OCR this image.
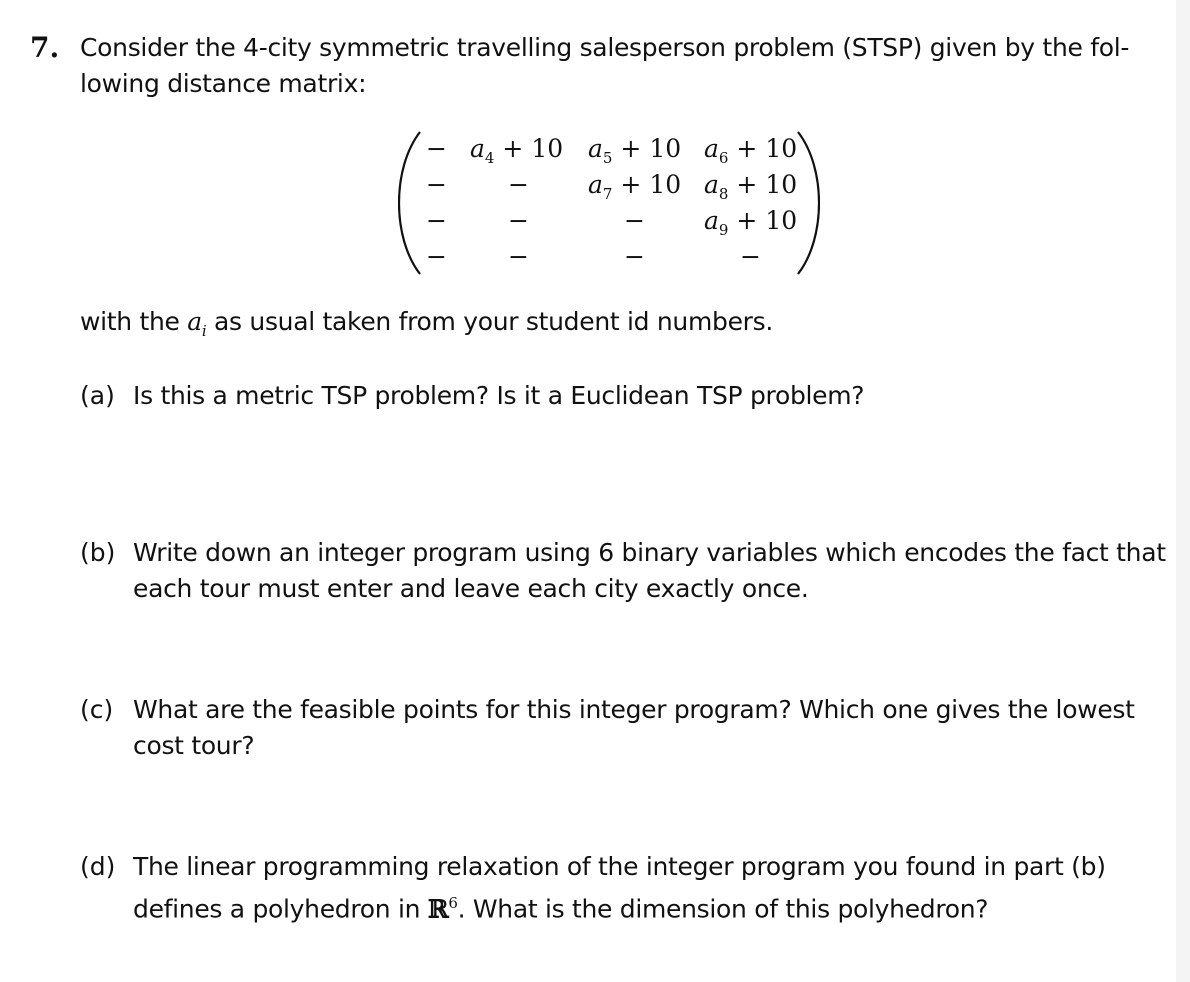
7. Consider the 4-city symmetric travelling salesperson problem (STSP) given by the fol-
lowing distance matrix:
− $a_4 + 10$ $a_5 + 10$ $a_6 + 10$
− − $a_7 + 10$ $a_8 + 10$
− −	− $a_9 + 10$
− −	−	−
with the $a_i$ as usual taken from your student id numbers.
(a) Is this a metric TSP problem? Is it a Euclidean TSP problem?
(b) Write down an integer program using 6 binary variables which encodes the fact that
each tour must enter and leave each city exactly once.
(c) What are the feasible points for this integer program? Which one gives the lowest
cost tour?
(d) The linear programming relaxation of the integer program you found in part (b)
defines a polyhedron in ℝ$^6$. What is the dimension of this polyhedron?
